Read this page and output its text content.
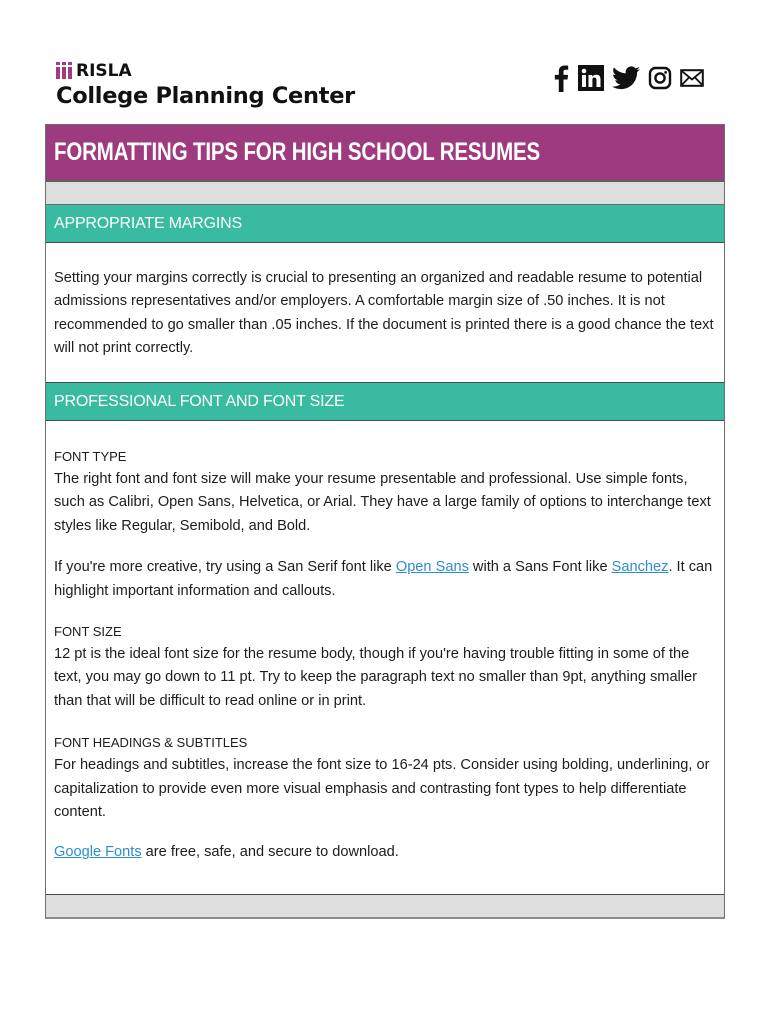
RISLA
College Planning Center
FORMATTING TIPS FOR HIGH SCHOOL RESUMES
APPROPRIATE MARGINS

Setting your margins correctly is crucial to presenting an organized and readable resume to potential admissions representatives and/or employers. A comfortable margin size of .50 inches. It is not recommended to go smaller than .05 inches. If the document is printed there is a good chance the text will not print correctly.

PROFESSIONAL FONT AND FONT SIZE
FONT TYPE

The right font and font size will make your resume presentable and professional. Use simple fonts, such as Calibri, Open Sans, Helvetica, or Arial. They have a large family of options to interchange text styles like Regular, Semibold, and Bold.

If you're more creative, try using a San Serif font like Open Sans with a Sans Font like Sanchez. It can highlight important information and callouts.

FONT SIZE

12 pt is the ideal font size for the resume body, though if you're having trouble fitting in some of the text, you may go down to 11 pt. Try to keep the paragraph text no smaller than 9pt, anything smaller than that will be difficult to read online or in print.

FONT HEADINGS & SUBTITLES

For headings and subtitles, increase the font size to 16-24 pts. Consider using bolding, underlining, or capitalization to provide even more visual emphasis and contrasting font types to help differentiate content.

Google Fonts are free, safe, and secure to download.
